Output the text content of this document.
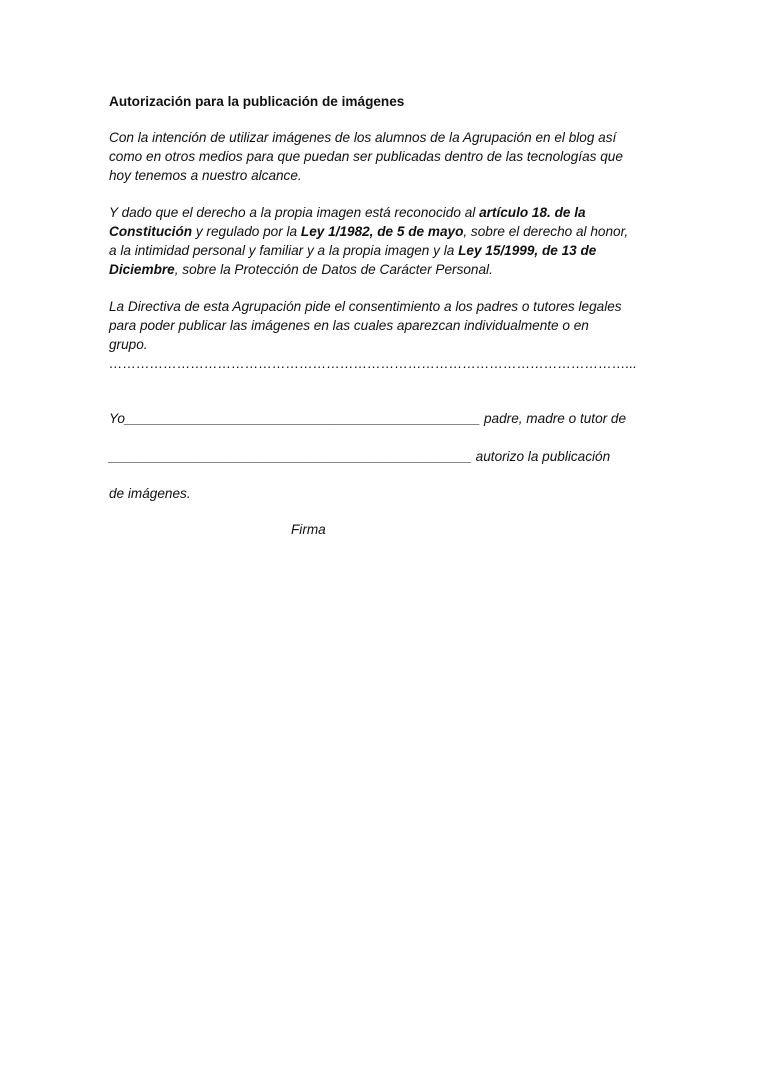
Autorización para la publicación de imágenes
Con la intención de utilizar imágenes de los alumnos de la Agrupación en el blog así
como en otros medios para que puedan ser publicadas dentro de las tecnologías que
hoy tenemos a nuestro alcance.
Y dado que el derecho a la propia imagen está reconocido al artículo 18. de la
Constitución y regulado por la Ley 1/1982, de 5 de mayo, sobre el derecho al honor,
a la intimidad personal y familiar y a la propia imagen y la Ley 15/1999, de 13 de
Diciembre, sobre la Protección de Datos de Carácter Personal.
La Directiva de esta Agrupación pide el consentimiento a los padres o tutores legales
para poder publicar las imágenes en las cuales aparezcan individualmente o en
grupo.
……………………………………………………………………………………………………...
Yo_______________________________________________ padre, madre o tutor de
________________________________________________ autorizo la publicación
de imágenes.
Firma
